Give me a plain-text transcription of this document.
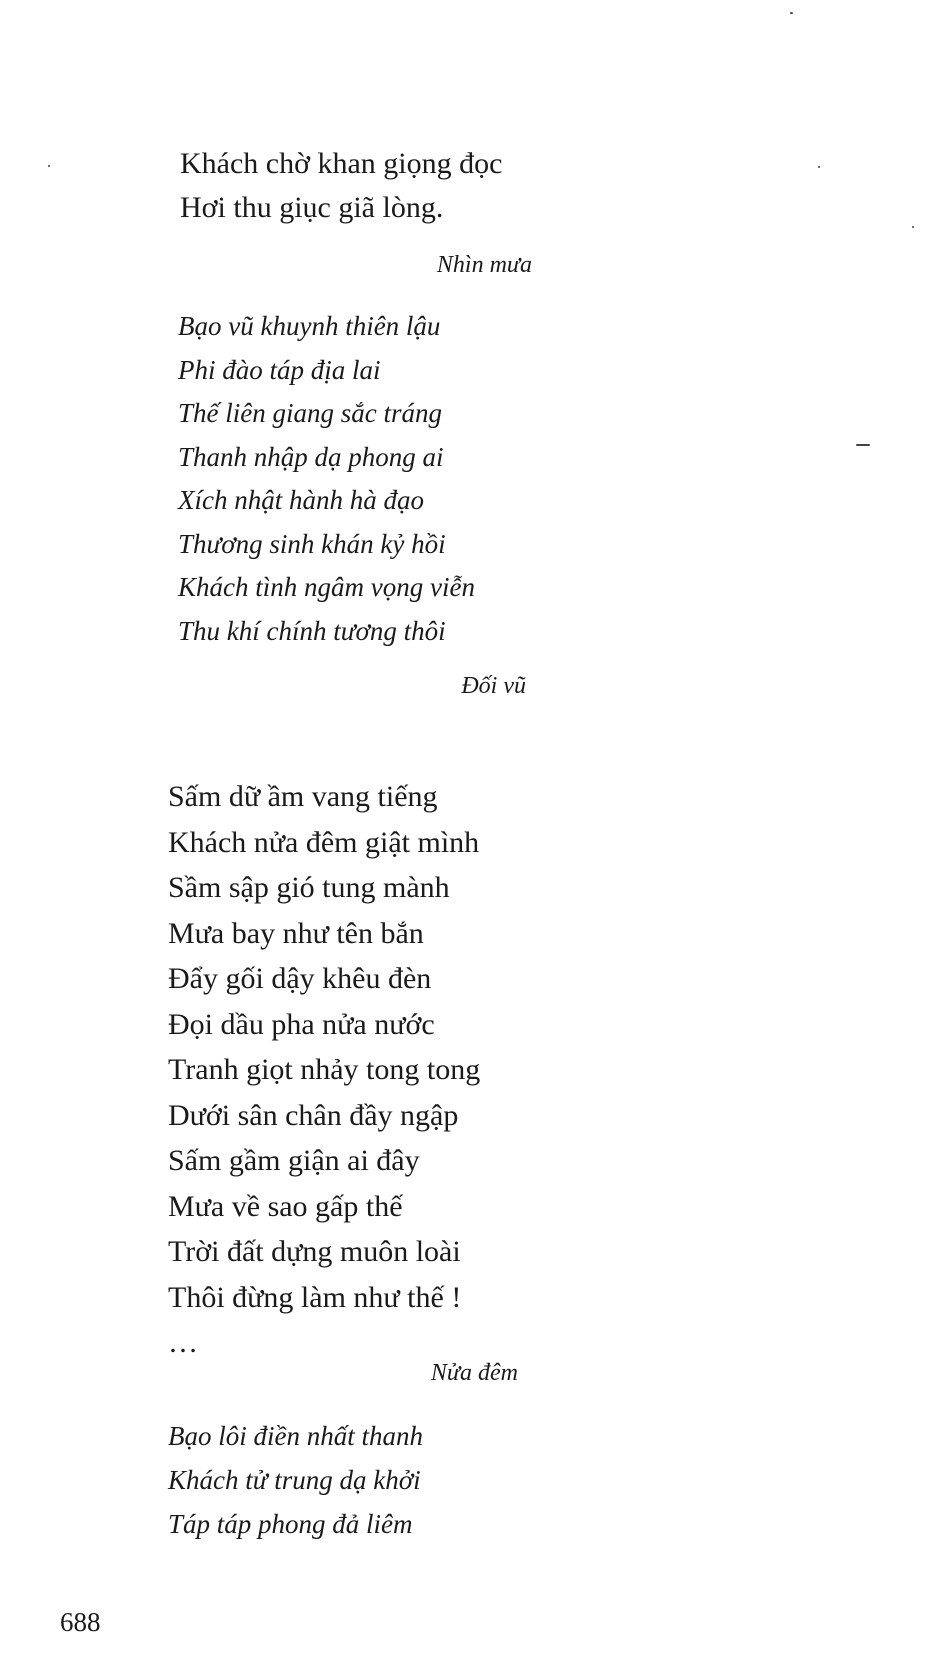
Khách chờ khan giọng đọc
Hơi thu giục giã lòng.
Nhìn mưa
Bạo vũ khuynh thiên lậu
Phi đào táp địa lai
Thế liên giang sắc tráng
Thanh nhập dạ phong ai
Xích nhật hành hà đạo
Thương sinh khán kỷ hồi
Khách tình ngâm vọng viễn
Thu khí chính tương thôi
Đối vũ
Sấm dữ ầm vang tiếng
Khách nửa đêm giật mình
Sầm sập gió tung mành
Mưa bay như tên bắn
Đẩy gối dậy khêu đèn
Đọi dầu pha nửa nước
Tranh giọt nhảy tong tong
Dưới sân chân đầy ngập
Sấm gầm giận ai đây
Mưa về sao gấp thế
Trời đất dựng muôn loài
Thôi đừng làm như thế !
…
Nửa đêm
Bạo lôi điền nhất thanh
Khách tử trung dạ khởi
Táp táp phong đả liêm
688
